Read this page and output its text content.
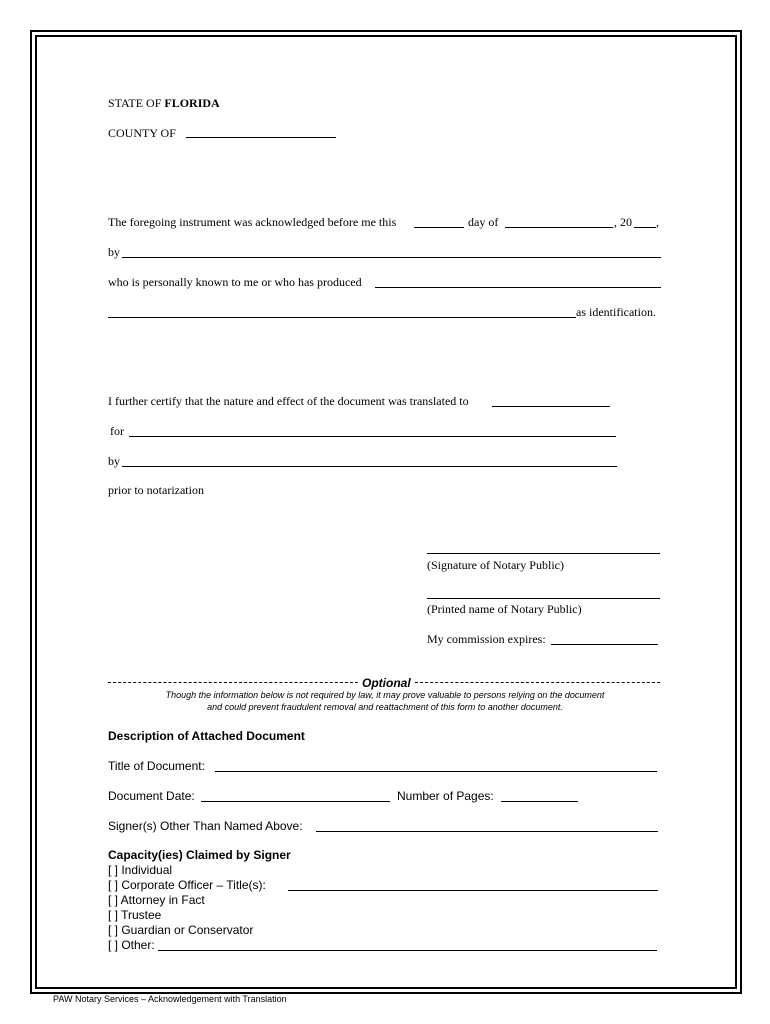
STATE OF FLORIDA
COUNTY OF
The foregoing instrument was acknowledged before me this	day of	, 20 ,
by
who is personally known to me or who has produced
as identification.
I further certify that the nature and effect of the document was translated to
for
by
prior to notarization
(Signature of Notary Public)
(Printed name of Notary Public)
My commission expires:
Optional
Though the information below is not required by law, it may prove valuable to persons relying on the document
and could prevent fraudulent removal and reattachment of this form to another document.
Description of Attached Document
Title of Document:
Document Date:	Number of Pages:
Signer(s) Other Than Named Above:
Capacity(ies) Claimed by Signer
[ ] Individual
[ ] Corporate Officer – Title(s):
[ ] Attorney in Fact
[ ] Trustee
[ ] Guardian or Conservator
[ ] Other:
PAW Notary Services – Acknowledgement with Translation
